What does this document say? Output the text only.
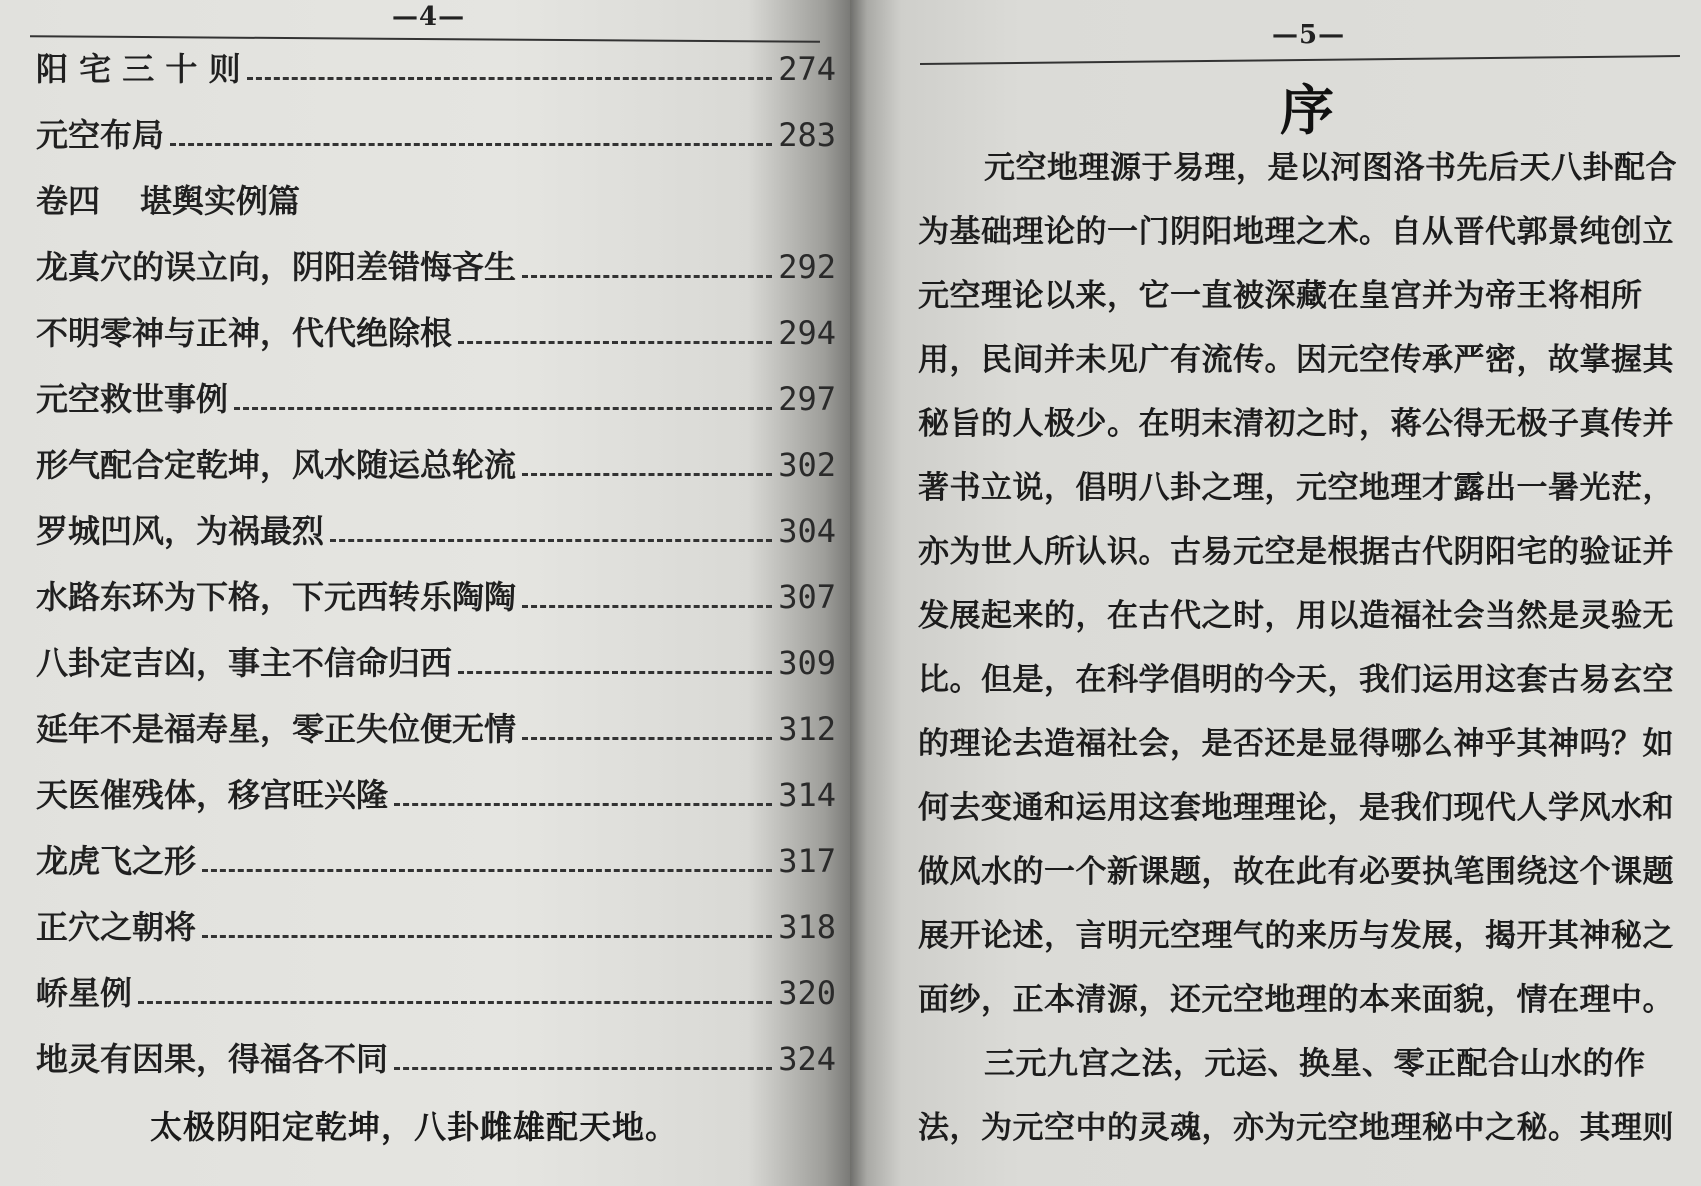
—4—
阳 宅 三 十 则	274
元空布局	283
卷四 堪舆实例篇
龙真穴的误立向，阴阳差错悔吝生	292
不明零神与正神，代代绝除根	294
元空救世事例	297
形气配合定乾坤，风水随运总轮流	302
罗城凹风，为祸最烈	304
水路东环为下格，下元西转乐陶陶	307
八卦定吉凶，事主不信命归西	309
延年不是福寿星，零正失位便无情	312
天医催残体，移宫旺兴隆	314
龙虎飞之形	317
正穴之朝将	318
峤星例	320
地灵有因果，得福各不同	324
太极阴阳定乾坤，八卦雌雄配天地。
—5—
序
元空地理源于易理，是以河图洛书先后天八卦配合
为基础理论的一门阴阳地理之术。自从晋代郭景纯创立
元空理论以来，它一直被深藏在皇宫并为帝王将相所
用，民间并未见广有流传。因元空传承严密，故掌握其
秘旨的人极少。在明末清初之时，蒋公得无极子真传并
著书立说，倡明八卦之理，元空地理才露出一暑光茫，
亦为世人所认识。古易元空是根据古代阴阳宅的验证并
发展起来的，在古代之时，用以造福社会当然是灵验无
比。但是，在科学倡明的今天，我们运用这套古易玄空
的理论去造福社会，是否还是显得哪么神乎其神吗？如
何去变通和运用这套地理理论，是我们现代人学风水和
做风水的一个新课题，故在此有必要执笔围绕这个课题
展开论述，言明元空理气的来历与发展，揭开其神秘之
面纱，正本清源，还元空地理的本来面貌，情在理中。
三元九宫之法，元运、换星、零正配合山水的作
法，为元空中的灵魂，亦为元空地理秘中之秘。其理则
